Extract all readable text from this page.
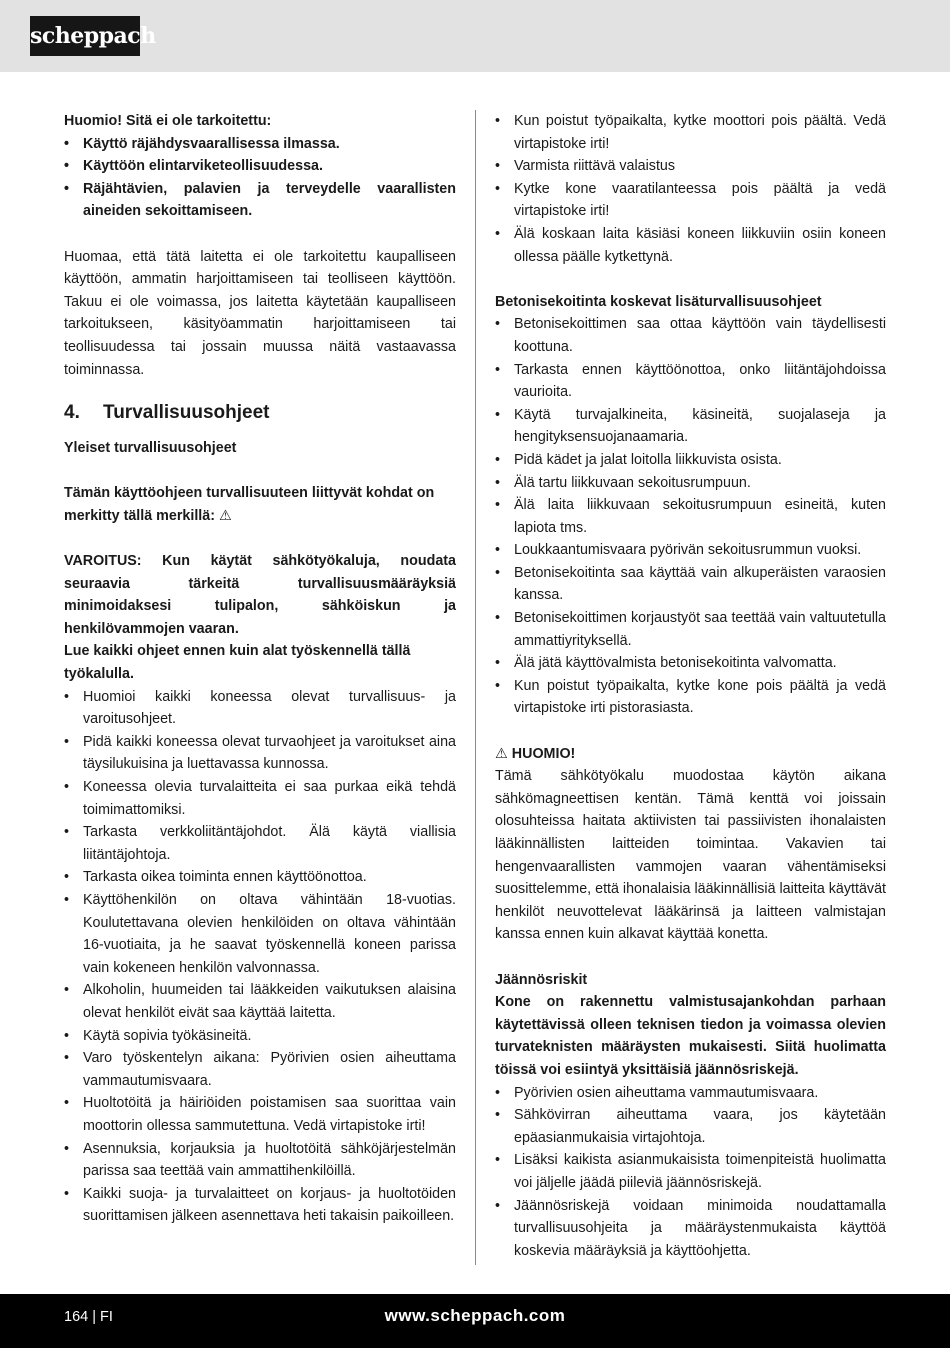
scheppach
Huomio! Sitä ei ole tarkoitettu:
• Käyttö räjähdysvaarallisessa ilmassa.
• Käyttöön elintarviketeollisuudessa.
• Räjähtävien, palavien ja terveydelle vaarallisten aineiden sekoittamiseen.
Huomaa, että tätä laitetta ei ole tarkoitettu kaupalliseen käyttöön, ammatin harjoittamiseen tai teolliseen käyttöön. Takuu ei ole voimassa, jos laitetta käytetään kaupalliseen tarkoitukseen, käsityöammatin harjoittamiseen tai teollisuudessa tai jossain muussa näitä vastaavassa toiminnassa.
4. Turvallisuusohjeet
Yleiset turvallisuusohjeet
Tämän käyttöohjeen turvallisuuteen liittyvät kohdat on merkitty tällä merkillä: ⚠
VAROITUS: Kun käytät sähkötyökaluja, noudata seuraavia tärkeitä turvallisuusmääräyksiä minimoidaksesi tulipalon, sähköiskun ja henkilövammojen vaaran.
Lue kaikki ohjeet ennen kuin alat työskennellä tällä työkalulla.
• Huomioi kaikki koneessa olevat turvallisuus- ja varoitusohjeet.
• Pidä kaikki koneessa olevat turvaohjeet ja varoitukset aina täysilukuisina ja luettavassa kunnossa.
• Koneessa olevia turvalaitteita ei saa purkaa eikä tehdä toimimattomiksi.
• Tarkasta verkkoliitäntäjohdot. Älä käytä viallisia liitäntäjohtoja.
• Tarkasta oikea toiminta ennen käyttöönottoa.
• Käyttöhenkilön on oltava vähintään 18-vuotias. Koulutettavana olevien henkilöiden on oltava vähintään 16-vuotiaita, ja he saavat työskennellä koneen parissa vain kokeneen henkilön valvonnassa.
• Alkoholin, huumeiden tai lääkkeiden vaikutuksen alaisina olevat henkilöt eivät saa käyttää laitetta.
• Käytä sopivia työkäsineitä.
• Varo työskentelyn aikana: Pyörivien osien aiheuttama vammautumisvaara.
• Huoltotöitä ja häiriöiden poistamisen saa suorittaa vain moottorin ollessa sammutettuna. Vedä virtapistoke irti!
• Asennuksia, korjauksia ja huoltotöitä sähköjärjestelmän parissa saa teettää vain ammattihenkilöillä.
• Kaikki suoja- ja turvalaitteet on korjaus- ja huoltotöiden suorittamisen jälkeen asennettava heti takaisin paikoilleen.
• Kun poistut työpaikalta, kytke moottori pois päältä. Vedä virtapistoke irti!
• Varmista riittävä valaistus
• Kytke kone vaaratilanteessa pois päältä ja vedä virtapistoke irti!
• Älä koskaan laita käsiäsi koneen liikkuviin osiin koneen ollessa päälle kytkettynä.
Betonisekoitinta koskevat lisäturvallisuusohjeet
• Betonisekoittimen saa ottaa käyttöön vain täydellisesti koottuna.
• Tarkasta ennen käyttöönottoa, onko liitäntäjohdoissa vaurioita.
• Käytä turvajalkineita, käsineitä, suojalaseja ja hengityksensuojanaamaria.
• Pidä kädet ja jalat loitolla liikkuvista osista.
• Älä tartu liikkuvaan sekoitusrumpuun.
• Älä laita liikkuvaan sekoitusrumpuun esineitä, kuten lapiota tms.
• Loukkaantumisvaara pyörivän sekoitusrummun vuoksi.
• Betonisekoitinta saa käyttää vain alkuperäisten varaosien kanssa.
• Betonisekoittimen korjaustyöt saa teettää vain valtuutetulla ammattiyrityksellä.
• Älä jätä käyttövalmista betonisekoitinta valvomatta.
• Kun poistut työpaikalta, kytke kone pois päältä ja vedä virtapistoke irti pistorasiasta.
⚠ HUOMIO!
Tämä sähkötyökalu muodostaa käytön aikana sähkömagneettisen kentän. Tämä kenttä voi joissain olosuhteissa haitata aktiivisten tai passiivisten ihonalaisten lääkinnällisten laitteiden toimintaa. Vakavien tai hengenvaarallisten vammojen vaaran vähentämiseksi suosittelemme, että ihonalaisia lääkinnällisiä laitteita käyttävät henkilöt neuvottelevat lääkärinsä ja laitteen valmistajan kanssa ennen kuin alkavat käyttää konetta.
Jäännösriskit
Kone on rakennettu valmistusajankohdan parhaan käytettävissä olleen teknisen tiedon ja voimassa olevien turvateknisten määräysten mukaisesti. Siitä huolimatta töissä voi esiintyä yksittäisiä jäännösriskejä.
• Pyörivien osien aiheuttama vammautumisvaara.
• Sähkövirran aiheuttama vaara, jos käytetään epäasianmukaisia virtajohtoja.
• Lisäksi kaikista asianmukaisista toimenpiteistä huolimatta voi jäljelle jäädä piileviä jäännösriskejä.
• Jäännösriskejä voidaan minimoida noudattamalla turvallisuusohjeita ja määräystenmukaista käyttöä koskevia määräyksiä ja käyttöohjetta.
164 | FI	www.scheppach.com
